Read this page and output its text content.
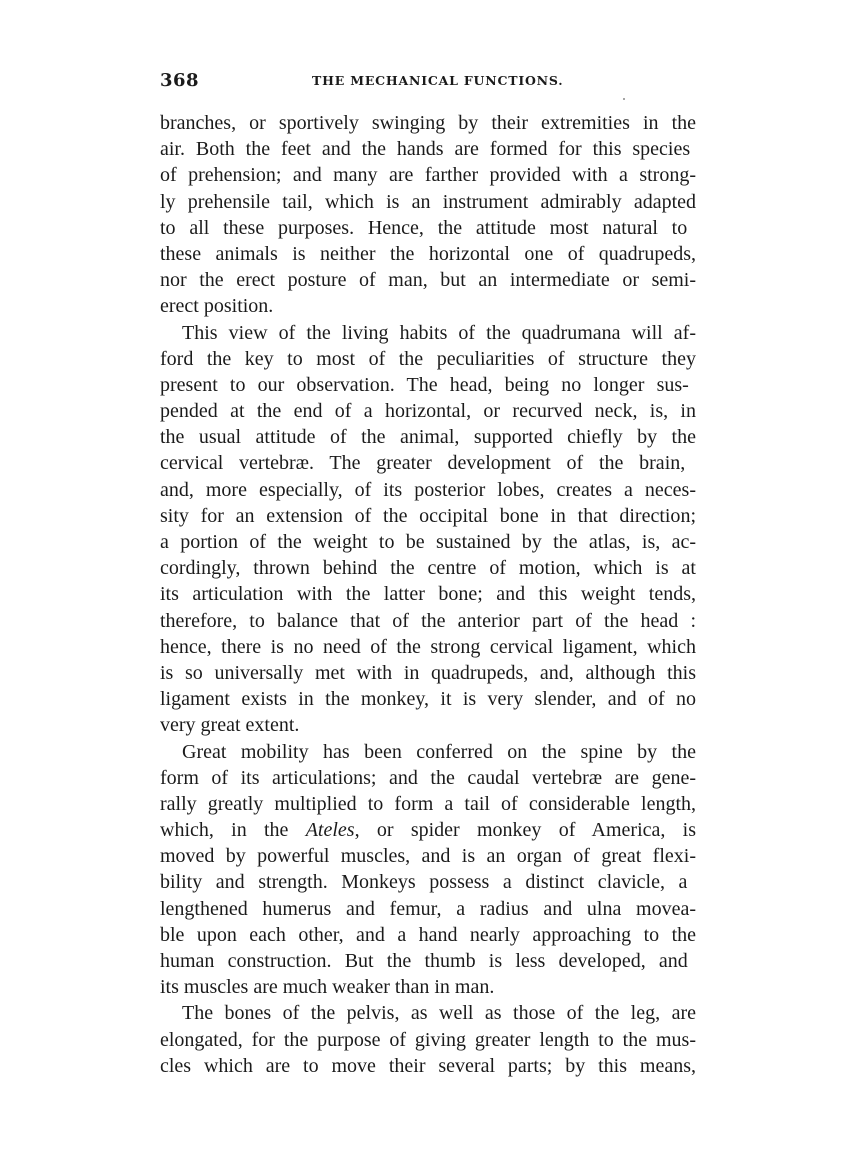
368	THE MECHANICAL FUNCTIONS.
branches, or sportively swinging by their extremities in the
air. Both the feet and the hands are formed for this species
of prehension; and many are farther provided with a strong-
ly prehensile tail, which is an instrument admirably adapted
to all these purposes. Hence, the attitude most natural to
these animals is neither the horizontal one of quadrupeds,
nor the erect posture of man, but an intermediate or semi-
erect position.
This view of the living habits of the quadrumana will af-
ford the key to most of the peculiarities of structure they
present to our observation. The head, being no longer sus-
pended at the end of a horizontal, or recurved neck, is, in
the usual attitude of the animal, supported chiefly by the
cervical vertebræ. The greater development of the brain,
and, more especially, of its posterior lobes, creates a neces-
sity for an extension of the occipital bone in that direction;
a portion of the weight to be sustained by the atlas, is, ac-
cordingly, thrown behind the centre of motion, which is at
its articulation with the latter bone; and this weight tends,
therefore, to balance that of the anterior part of the head :
hence, there is no need of the strong cervical ligament, which
is so universally met with in quadrupeds, and, although this
ligament exists in the monkey, it is very slender, and of no
very great extent.
Great mobility has been conferred on the spine by the
form of its articulations; and the caudal vertebræ are gene-
rally greatly multiplied to form a tail of considerable length,
which, in the Ateles, or spider monkey of America, is
moved by powerful muscles, and is an organ of great flexi-
bility and strength. Monkeys possess a distinct clavicle, a
lengthened humerus and femur, a radius and ulna movea-
ble upon each other, and a hand nearly approaching to the
human construction. But the thumb is less developed, and
its muscles are much weaker than in man.
The bones of the pelvis, as well as those of the leg, are
elongated, for the purpose of giving greater length to the mus-
cles which are to move their several parts; by this means,
